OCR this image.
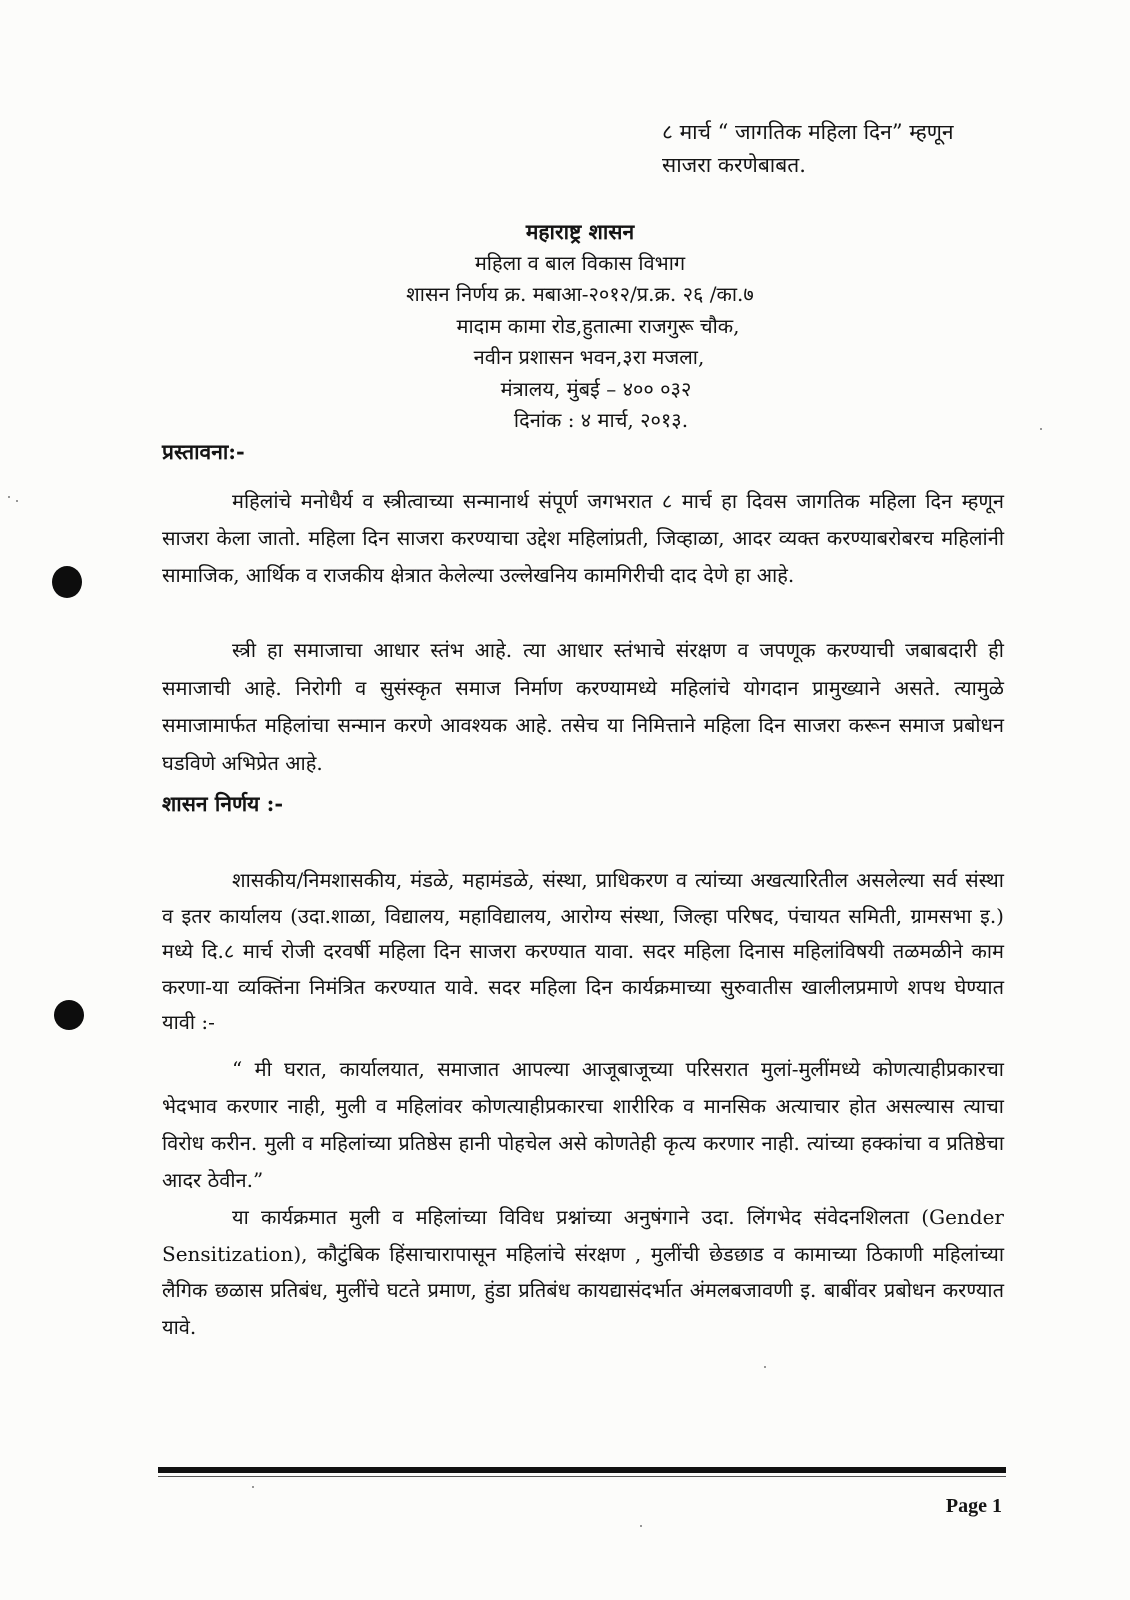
८ मार्च “ जागतिक महिला दिन” म्हणून
साजरा करणेबाबत.
महाराष्ट्र शासन
महिला व बाल विकास विभाग
शासन निर्णय क्र. मबाआ-२०१२/प्र.क्र. २६ /का.७
मादाम कामा रोड,हुतात्मा राजगुरू चौक,
नवीन प्रशासन भवन,३रा मजला,
मंत्रालय, मुंबई – ४०० ०३२
दिनांक : ४ मार्च, २०१३.
प्रस्तावना:-

महिलांचे मनोधैर्य व स्त्रीत्वाच्या सन्मानार्थ संपूर्ण जगभरात ८ मार्च हा दिवस जागतिक महिला दिन म्हणून साजरा केला जातो. महिला दिन साजरा करण्याचा उद्देश महिलांप्रती, जिव्हाळा, आदर व्यक्त करण्याबरोबरच महिलांनी सामाजिक, आर्थिक व राजकीय क्षेत्रात केलेल्या उल्लेखनिय कामगिरीची दाद देणे हा आहे.

स्त्री हा समाजाचा आधार स्तंभ आहे. त्या आधार स्तंभाचे संरक्षण व जपणूक करण्याची जबाबदारी ही समाजाची आहे. निरोगी व सुसंस्कृत समाज निर्माण करण्यामध्ये महिलांचे योगदान प्रामुख्याने असते. त्यामुळे समाजामार्फत महिलांचा सन्मान करणे आवश्यक आहे. तसेच या निमित्ताने महिला दिन साजरा करून समाज प्रबोधन घडविणे अभिप्रेत आहे.

शासन निर्णय :-

शासकीय/निमशासकीय, मंडळे, महामंडळे, संस्था, प्राधिकरण व त्यांच्या अखत्यारितील असलेल्या सर्व संस्था व इतर कार्यालय (उदा.शाळा, विद्यालय, महाविद्यालय, आरोग्य संस्था, जिल्हा परिषद, पंचायत समिती, ग्रामसभा इ.) मध्ये दि.८ मार्च रोजी दरवर्षी महिला दिन साजरा करण्यात यावा. सदर महिला दिनास महिलांविषयी तळमळीने काम करणा-या व्यक्तिंना निमंत्रित करण्यात यावे. सदर महिला दिन कार्यक्रमाच्या सुरुवातीस खालीलप्रमाणे शपथ घेण्यात यावी :-

“ मी घरात, कार्यालयात, समाजात आपल्या आजूबाजूच्या परिसरात मुलां-मुलींमध्ये कोणत्याहीप्रकारचा भेदभाव करणार नाही, मुली व महिलांवर कोणत्याहीप्रकारचा शारीरिक व मानसिक अत्याचार होत असल्यास त्याचा विरोध करीन. मुली व महिलांच्या प्रतिष्ठेस हानी पोहचेल असे कोणतेही कृत्य करणार नाही. त्यांच्या हक्कांचा व प्रतिष्ठेचा आदर ठेवीन.”

या कार्यक्रमात मुली व महिलांच्या विविध प्रश्नांच्या अनुषंगाने उदा. लिंगभेद संवेदनशिलता (Gender Sensitization), कौटुंबिक हिंसाचारापासून महिलांचे संरक्षण , मुलींची छेडछाड व कामाच्या ठिकाणी महिलांच्या लैगिक छळास प्रतिबंध, मुलींचे घटते प्रमाण, हुंडा प्रतिबंध कायद्यासंदर्भात अंमलबजावणी इ. बाबींवर प्रबोधन करण्यात यावे.

Page 1
